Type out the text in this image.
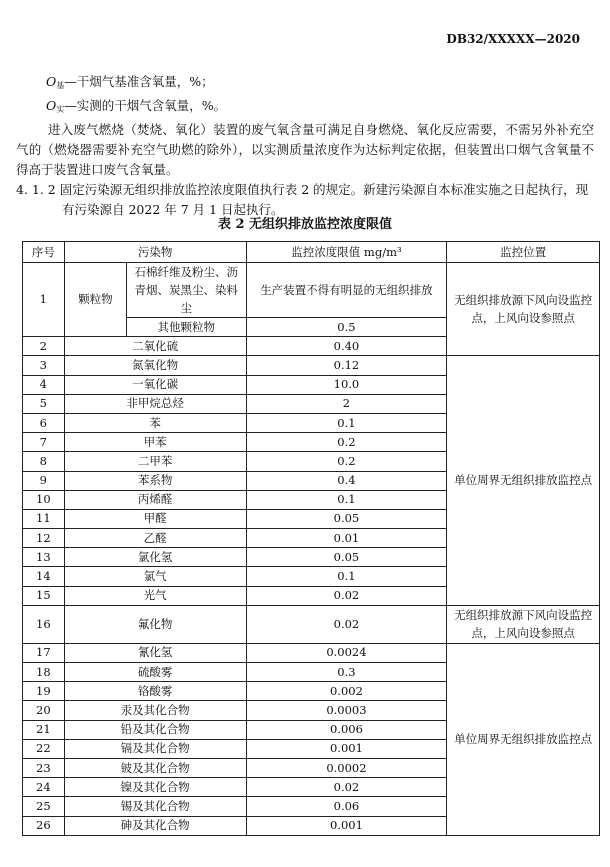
DB32/XXXXX—2020
$O_基—$干烟气基准含氧量，%；
$O_实—$实测的干烟气含氧量，%。
进入废气燃烧（焚烧、氧化）装置的废气氧含量可满足自身燃烧、氧化反应需要，不需另外补充空气的（燃烧器需要补充空气助燃的除外），以实测质量浓度作为达标判定依据，但装置出口烟气含氧量不得高于装置进口废气含氧量。
4. 1. 2 固定污染源无组织排放监控浓度限值执行表 2 的规定。新建污染源自本标准实施之日起执行，现
有污染源自 2022 年 7 月 1 日起执行。
表 2 无组织排放监控浓度限值
序号	污染物		监控浓度限值 mg/m³	监控位置
1	颗粒物	石棉纤维及粉尘、沥青烟、炭黑尘、染料尘	生产装置不得有明显的无组织排放	无组织排放源下风向设监控点，上风向设参照点
		其他颗粒物	0.5	
2	二氧化硫		0.40	
3	氮氧化物		0.12	单位周界无组织排放监控点
4	一氧化碳		10.0	
5	非甲烷总烃		2	
6	苯		0.1	
7	甲苯		0.2	
8	二甲苯		0.2	
9	苯系物		0.4	
10	丙烯醛		0.1	
11	甲醛		0.05	
12	乙醛		0.01	
13	氯化氢		0.05	
14	氯气		0.1	
15	光气		0.02	
16	氟化物		0.02	无组织排放源下风向设监控点，上风向设参照点
17	氰化氢		0.0024	单位周界无组织排放监控点
18	硫酸雾		0.3	
19	铬酸雾		0.002	
20	汞及其化合物		0.0003	
21	铅及其化合物		0.006	
22	镉及其化合物		0.001	
23	铍及其化合物		0.0002	
24	镍及其化合物		0.02	
25	锡及其化合物		0.06	
26	砷及其化合物		0.001	
